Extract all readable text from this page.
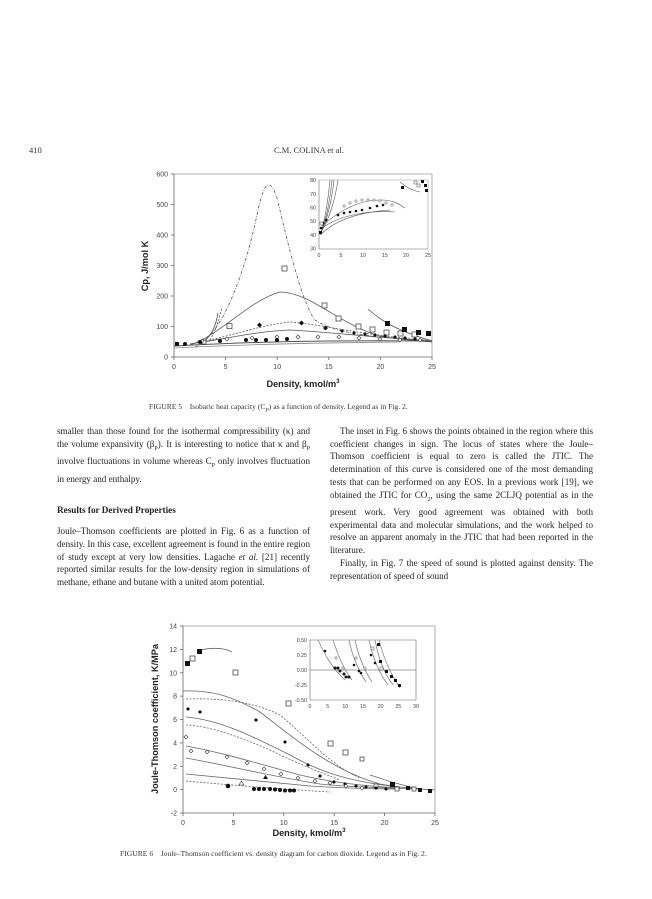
410	C.M. COLINA et al.
600
500
400
300
200
100
0
0	5	10	15	20	25
Density, kmol/$m^3$
Cp, J/mol K
80
70
60
50
40
30
0	5	10	15	20	25
FIGURE 5 Isobaric heat capacity $(C_P)$ as a function of density. Legend as in Fig. 2.

smaller than those found for the isothermal compressibility (κ) and the volume expansivity $(\beta_P)$. It is interesting to notice that κ and $\beta_P$ involve fluctuations in volume whereas $C_P$ only involves fluctuation in energy and enthalpy.

Results for Derived Properties

Joule–Thomson coefficients are plotted in Fig. 6 as a function of density. In this case, excellent agreement is found in the entire region of study except at very low densities. Lagache et al. [21] recently reported similar results for the low-density region in simulations of methane, ethane and butane with a united atom potential.

The inset in Fig. 6 shows the points obtained in the region where this coefficient changes in sign. The locus of states where the Joule–Thomson coefficient is equal to zero is called the JTIC. The determination of this curve is considered one of the most demanding tests that can be performed on any EOS. In a previous work [19], we obtained the JTIC for $CO_2$, using the same 2CLJQ potential as in the present work. Very good agreement was obtained with both experimental data and molecular simulations, and the work helped to resolve an apparent anomaly in the JTIC that had been reported in the literature.

Finally, in Fig. 7 the speed of sound is plotted against density. The representation of speed of sound

14
12
10
8
6
4
2
0
-2
0	5	10	15	20	25
Density, kmol/$m^3$
Joule-Thomson coefficient, K/MPa
0.50
0.25
0.00
-0.25
-0.50
0	5 10 15 20 25 30
FIGURE 6 Joule–Thomson coefficient vs. density diagram for carbon dioxide. Legend as in Fig. 2.
